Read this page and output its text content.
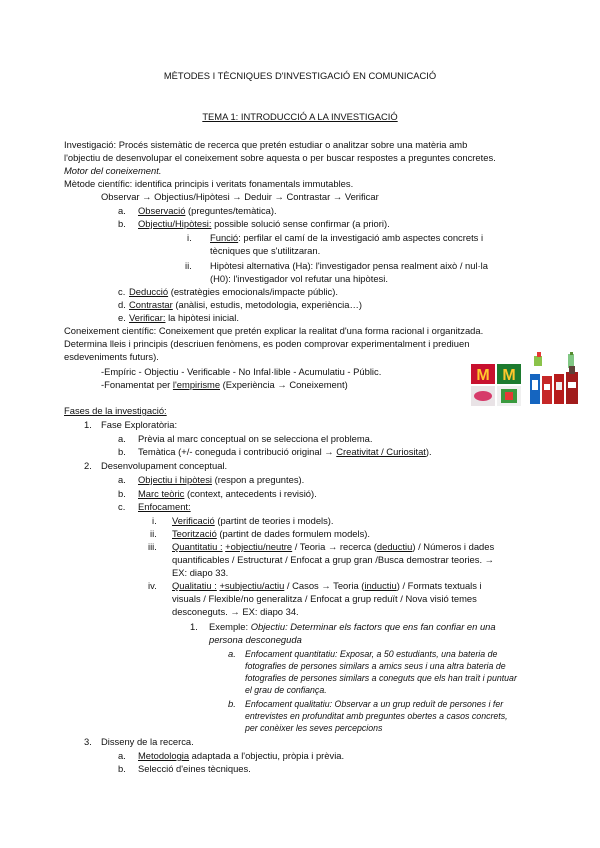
MÈTODES I TÈCNIQUES D'INVESTIGACIÓ EN COMUNICACIÓ
TEMA 1: INTRODUCCIÓ A LA INVESTIGACIÓ
Investigació: Procés sistemàtic de recerca que pretén estudiar o analitzar sobre una matèria amb
l'objectiu de desenvolupar el coneixement sobre aquesta o per buscar respostes a preguntes concretes.
Motor del coneixement.
Mètode científic: identifica principis i veritats fonamentals immutables.
Observar → Objectius/Hipòtesi → Deduir → Contrastar → Verificar
a. Observació (preguntes/temàtica).
b. Objectiu/Hipòtesi: possible solució sense confirmar (a priori).
i. Funció: perfilar el camí de la investigació amb aspectes concrets i
tècniques que s'utilitzaran.
ii. Hipòtesi alternativa (Ha): l'investigador pensa realment això / nul·la
(H0): l'investigador vol refutar una hipòtesi.
c. Deducció (estratègies emocionals/impacte públic).
d. Contrastar (anàlisi, estudis, metodologia, experiència…)
e. Verificar: la hipòtesi inicial.
Coneixement científic: Coneixement que pretén explicar la realitat d'una forma racional i organitzada.
Determina lleis i principis (descriuen fenòmens, es poden comprovar experimentalment i prediuen
esdeveniments futurs).
-Empíric - Objectiu - Verificable - No Infal·lible - Acumulatiu - Públic.
-Fonamentat per l'empirisme (Experiència → Coneixement)
M M
Fases de la investigació:
1. Fase Exploratòria:
a. Prèvia al marc conceptual on se selecciona el problema.
b. Temàtica (+/- coneguda i contribució original → Creativitat / Curiositat).
2. Desenvolupament conceptual.
a. Objectiu i hipòtesi (respon a preguntes).
b. Marc teòric (context, antecedents i revisió).
c. Enfocament:
i. Verificació (partint de teories i models).
ii. Teorització (partint de dades formulem models).
iii. Quantitatiu : +objectiu/neutre / Teoria → recerca (deductiu) / Números i dades
quantificables / Estructurat / Enfocat a grup gran /Busca demostrar teories. →
EX: diapo 33.
iv. Qualitatiu : +subjectiu/actiu / Casos → Teoria (inductiu) / Formats textuals i
visuals / Flexible/no generalitza / Enfocat a grup reduït / Nova visió temes
desconeguts. → EX: diapo 34.
1. Exemple: Objectiu: Determinar els factors que ens fan confiar en una
persona desconeguda
a. Enfocament quantitatiu: Exposar, a 50 estudiants, una bateria de
fotografies de persones similars a amics seus i una altra bateria de
fotografies de persones similars a coneguts que els han traït i puntuar
el grau de confiança.
b. Enfocament qualitatiu: Observar a un grup reduït de persones i fer
entrevistes en profunditat amb preguntes obertes a casos concrets,
per conèixer les seves percepcions
3. Disseny de la recerca.
a. Metodologia adaptada a l'objectiu, pròpia i prèvia.
b. Selecció d'eines tècniques.
